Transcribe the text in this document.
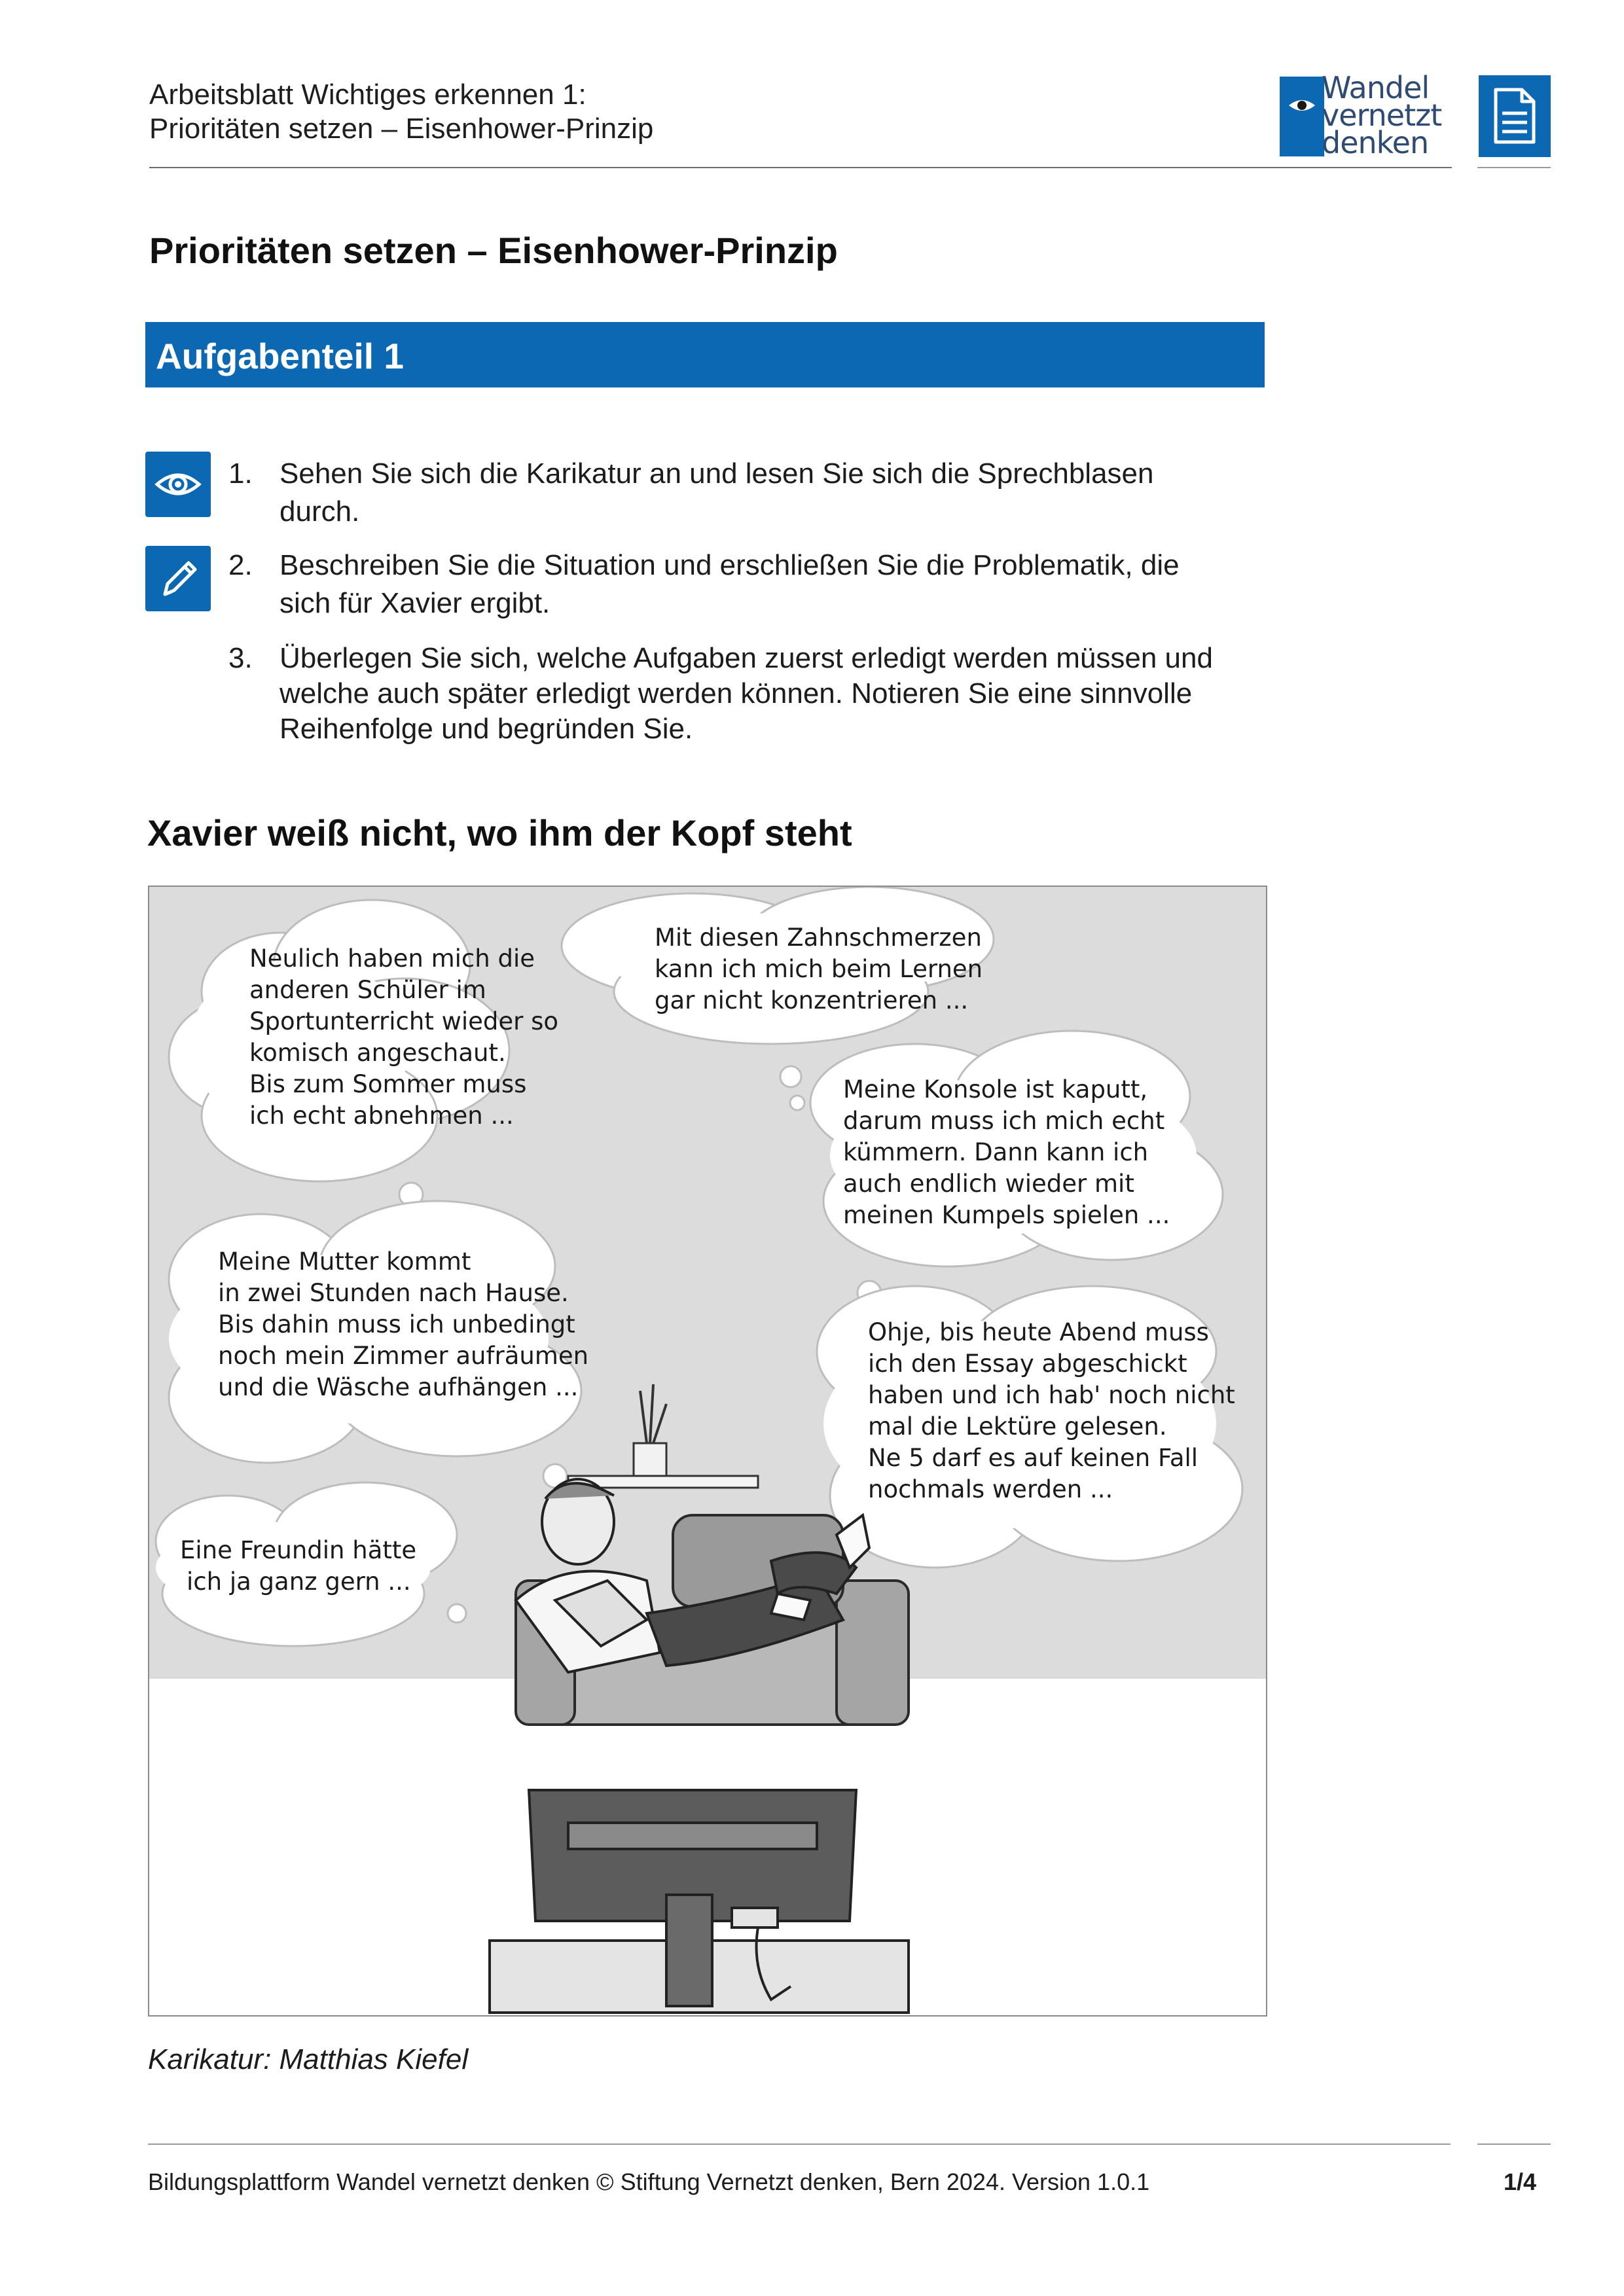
Arbeitsblatt Wichtiges erkennen 1:
Prioritäten setzen – Eisenhower-Prinzip
Wandel
vernetzt
denken
Prioritäten setzen – Eisenhower-Prinzip
Aufgabenteil 1
1. Sehen Sie sich die Karikatur an und lesen Sie sich die Sprechblasen
durch.
2. Beschreiben Sie die Situation und erschließen Sie die Problematik, die
sich für Xavier ergibt.
3. Überlegen Sie sich, welche Aufgaben zuerst erledigt werden müssen und
welche auch später erledigt werden können. Notieren Sie eine sinnvolle
Reihenfolge und begründen Sie.
Xavier weiß nicht, wo ihm der Kopf steht
Neulich haben mich die anderen Schüler im Sportunterricht wieder so komisch angeschaut. Bis zum Sommer muss ich echt abnehmen ...
Mit diesen Zahnschmerzen kann ich mich beim Lernen gar nicht konzentrieren ...
Meine Konsole ist kaputt, darum muss ich mich echt kümmern. Dann kann ich auch endlich wieder mit meinen Kumpels spielen ...
Meine Mutter kommt in zwei Stunden nach Hause. Bis dahin muss ich unbedingt noch mein Zimmer aufräumen und die Wäsche aufhängen ...
Ohje, bis heute Abend muss ich den Essay abgeschickt haben und ich hab' noch nicht mal die Lektüre gelesen. Ne 5 darf es auf keinen Fall nochmals werden ...
Eine Freundin hätte ich ja ganz gern ...
Karikatur: Matthias Kiefel
Bildungsplattform Wandel vernetzt denken © Stiftung Vernetzt denken, Bern 2024. Version 1.0.1	1/4
